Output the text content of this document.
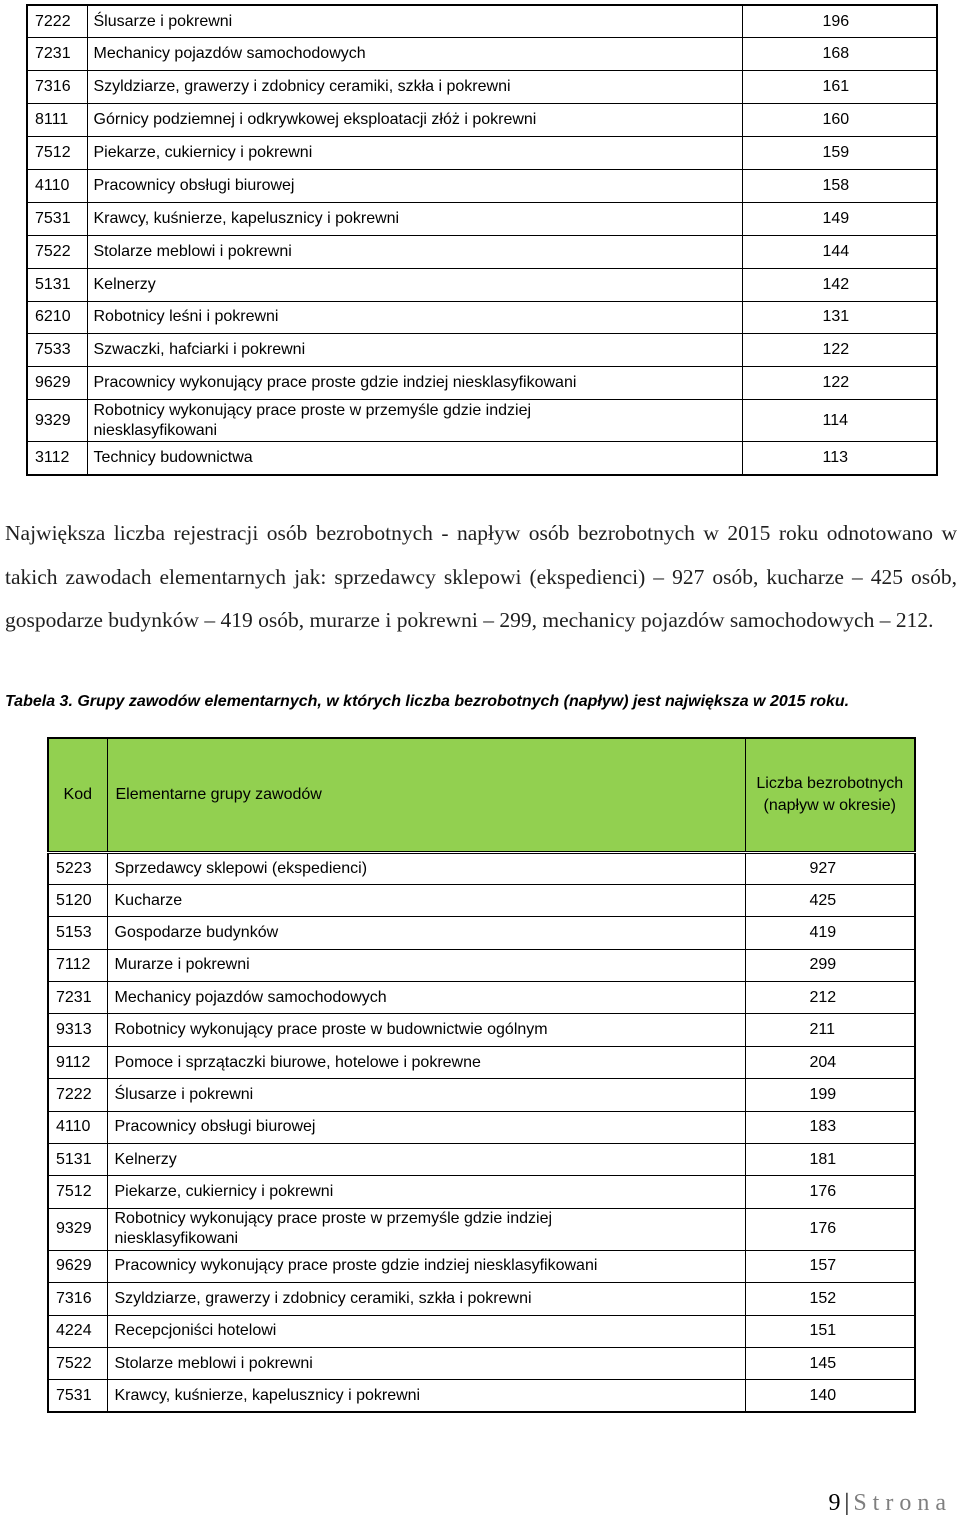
7222	Ślusarze i pokrewni	196
7231	Mechanicy pojazdów samochodowych	168
7316	Szyldziarze, grawerzy i zdobnicy ceramiki, szkła i pokrewni	161
8111	Górnicy podziemnej i odkrywkowej eksploatacji złóż i pokrewni	160
7512	Piekarze, cukiernicy i pokrewni	159
4110	Pracownicy obsługi biurowej	158
7531	Krawcy, kuśnierze, kapelusznicy i pokrewni	149
7522	Stolarze meblowi i pokrewni	144
5131	Kelnerzy	142
6210	Robotnicy leśni i pokrewni	131
7533	Szwaczki, hafciarki i pokrewni	122
9629	Pracownicy wykonujący prace proste gdzie indziej niesklasyfikowani	122
9329	Robotnicy wykonujący prace proste w przemyśle gdzie indziej
niesklasyfikowani	114
3112	Technicy budownictwa	113
Największa liczba rejestracji osób bezrobotnych - napływ osób bezrobotnych w 2015 roku odnotowano w takich zawodach elementarnych jak: sprzedawcy sklepowi (ekspedienci) – 927 osób, kucharze – 425 osób, gospodarze budynków – 419 osób, murarze i pokrewni – 299, mechanicy pojazdów samochodowych – 212.
Tabela 3. Grupy zawodów elementarnych, w których liczba bezrobotnych (napływ) jest największa w 2015 roku.
Kod	Elementarne grupy zawodów	Liczba bezrobotnych (napływ w okresie)
5223	Sprzedawcy sklepowi (ekspedienci)	927
5120	Kucharze	425
5153	Gospodarze budynków	419
7112	Murarze i pokrewni	299
7231	Mechanicy pojazdów samochodowych	212
9313	Robotnicy wykonujący prace proste w budownictwie ogólnym	211
9112	Pomoce i sprzątaczki biurowe, hotelowe i pokrewne	204
7222	Ślusarze i pokrewni	199
4110	Pracownicy obsługi biurowej	183
5131	Kelnerzy	181
7512	Piekarze, cukiernicy i pokrewni	176
9329	Robotnicy wykonujący prace proste w przemyśle gdzie indziej
niesklasyfikowani	176
9629	Pracownicy wykonujący prace proste gdzie indziej niesklasyfikowani	157
7316	Szyldziarze, grawerzy i zdobnicy ceramiki, szkła i pokrewni	152
4224	Recepcjoniści hotelowi	151
7522	Stolarze meblowi i pokrewni	145
7531	Krawcy, kuśnierze, kapelusznicy i pokrewni	140
9 | Strona
